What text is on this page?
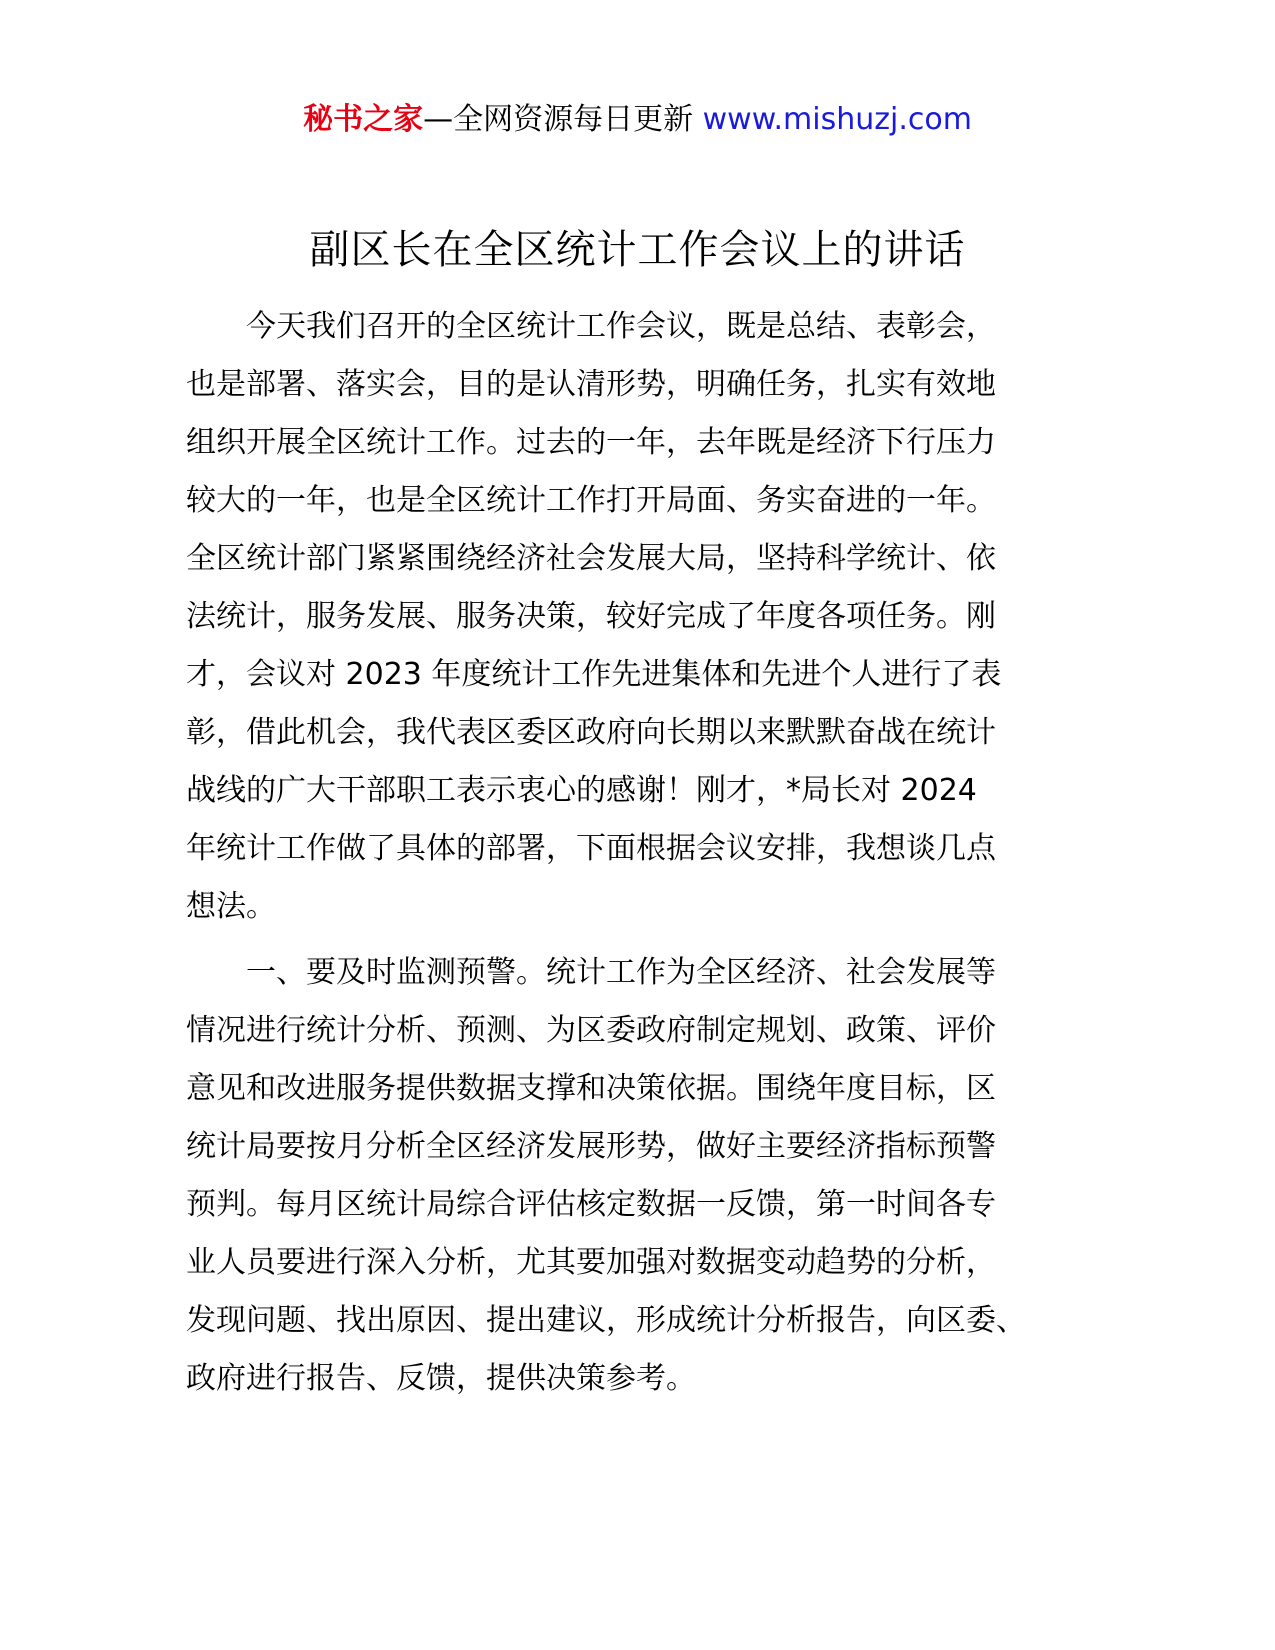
秘书之家—全网资源每日更新 www.mishuzj.com
副区长在全区统计工作会议上的讲话

　　今天我们召开的全区统计工作会议，既是总结、表彰会，
也是部署、落实会，目的是认清形势，明确任务，扎实有效地
组织开展全区统计工作。过去的一年，去年既是经济下行压力
较大的一年，也是全区统计工作打开局面、务实奋进的一年。
全区统计部门紧紧围绕经济社会发展大局，坚持科学统计、依
法统计，服务发展、服务决策，较好完成了年度各项任务。刚
才，会议对 2023 年度统计工作先进集体和先进个人进行了表
彰，借此机会，我代表区委区政府向长期以来默默奋战在统计
战线的广大干部职工表示衷心的感谢！刚才，*局长对 2024
年统计工作做了具体的部署，下面根据会议安排，我想谈几点
想法。

　　一、要及时监测预警。统计工作为全区经济、社会发展等
情况进行统计分析、预测、为区委政府制定规划、政策、评价
意见和改进服务提供数据支撑和决策依据。围绕年度目标，区
统计局要按月分析全区经济发展形势，做好主要经济指标预警
预判。每月区统计局综合评估核定数据一反馈，第一时间各专
业人员要进行深入分析，尤其要加强对数据变动趋势的分析，
发现问题、找出原因、提出建议，形成统计分析报告，向区委、
政府进行报告、反馈，提供决策参考。
